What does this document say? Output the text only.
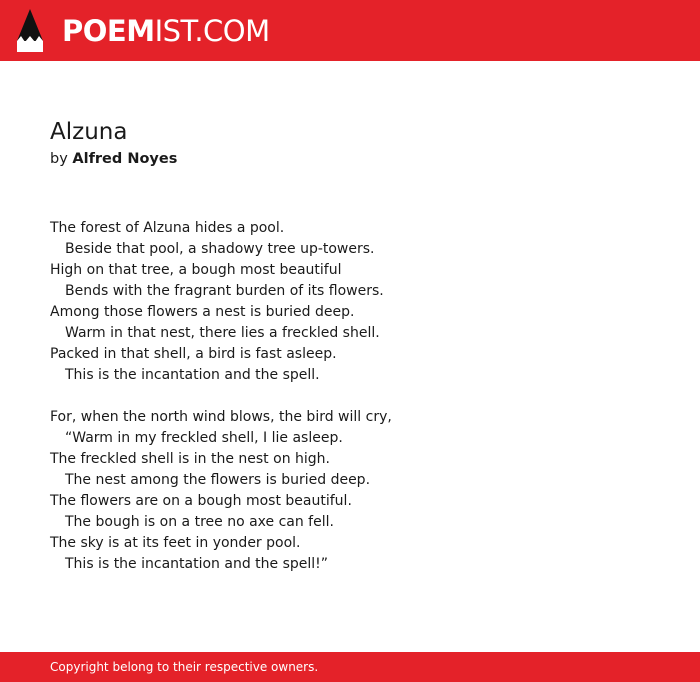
POEMIST.COM
Alzuna
by Alfred Noyes
The forest of Alzuna hides a pool.
Beside that pool, a shadowy tree up-towers.
High on that tree, a bough most beautiful
Bends with the fragrant burden of its flowers.
Among those flowers a nest is buried deep.
Warm in that nest, there lies a freckled shell.
Packed in that shell, a bird is fast asleep.
This is the incantation and the spell.
For, when the north wind blows, the bird will cry,
“Warm in my freckled shell, I lie asleep.
The freckled shell is in the nest on high.
The nest among the flowers is buried deep.
The flowers are on a bough most beautiful.
The bough is on a tree no axe can fell.
The sky is at its feet in yonder pool.
This is the incantation and the spell!”
Copyright belong to their respective owners.
